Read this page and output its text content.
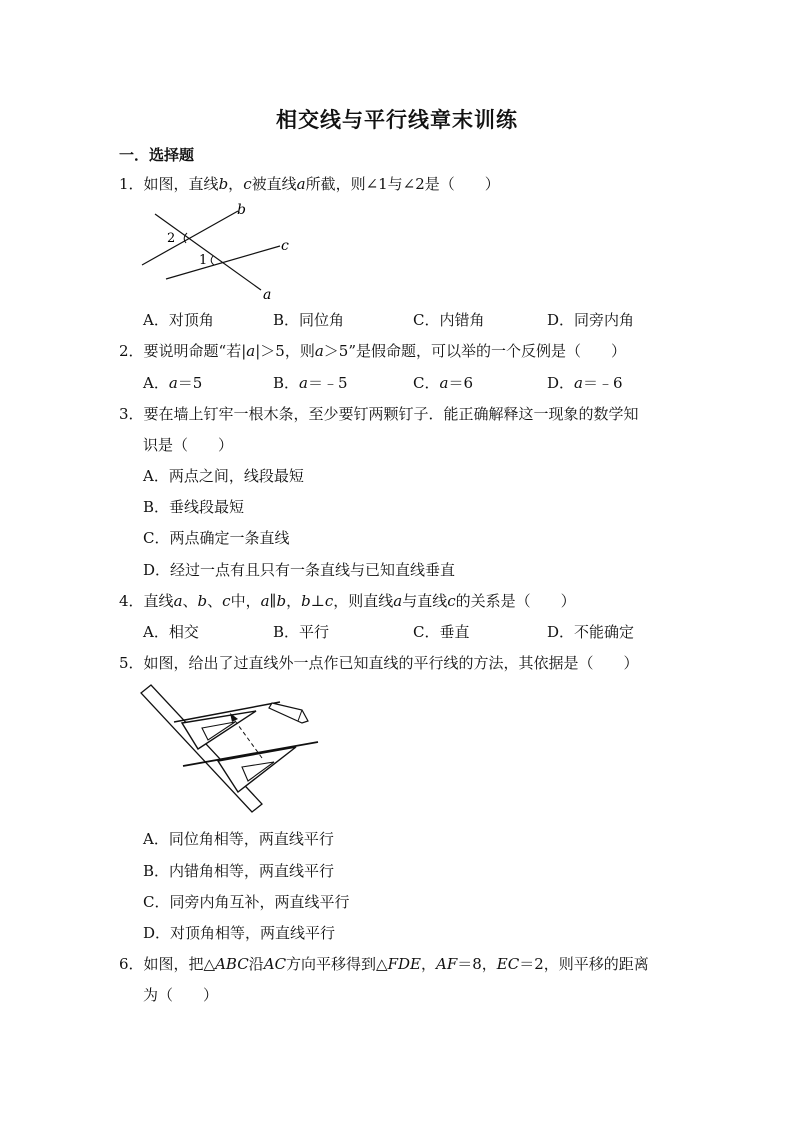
相交线与平行线章末训练
一．选择题
1．如图，直线b，c被直线a所截，则∠1与∠2是（　　）
b
c
a
2
1
A．对顶角	B．同位角	C．内错角	D．同旁内角
2．要说明命题“若|a|＞5，则a＞5”是假命题，可以举的一个反例是（　　）
A．a＝5	B．a＝﹣5	C．a＝6	D．a＝﹣6
3．要在墙上钉牢一根木条，至少要钉两颗钉子．能正确解释这一现象的数学知
识是（　　）
A．两点之间，线段最短
B．垂线段最短
C．两点确定一条直线
D．经过一点有且只有一条直线与已知直线垂直
4．直线a、b、c中，a∥b，b⊥c，则直线a与直线c的关系是（　　）
A．相交	B．平行	C．垂直	D．不能确定
5．如图，给出了过直线外一点作已知直线的平行线的方法，其依据是（　　）
A．同位角相等，两直线平行
B．内错角相等，两直线平行
C．同旁内角互补，两直线平行
D．对顶角相等，两直线平行
6．如图，把△ABC沿AC方向平移得到△FDE，AF＝8，EC＝2，则平移的距离
为（　　）
